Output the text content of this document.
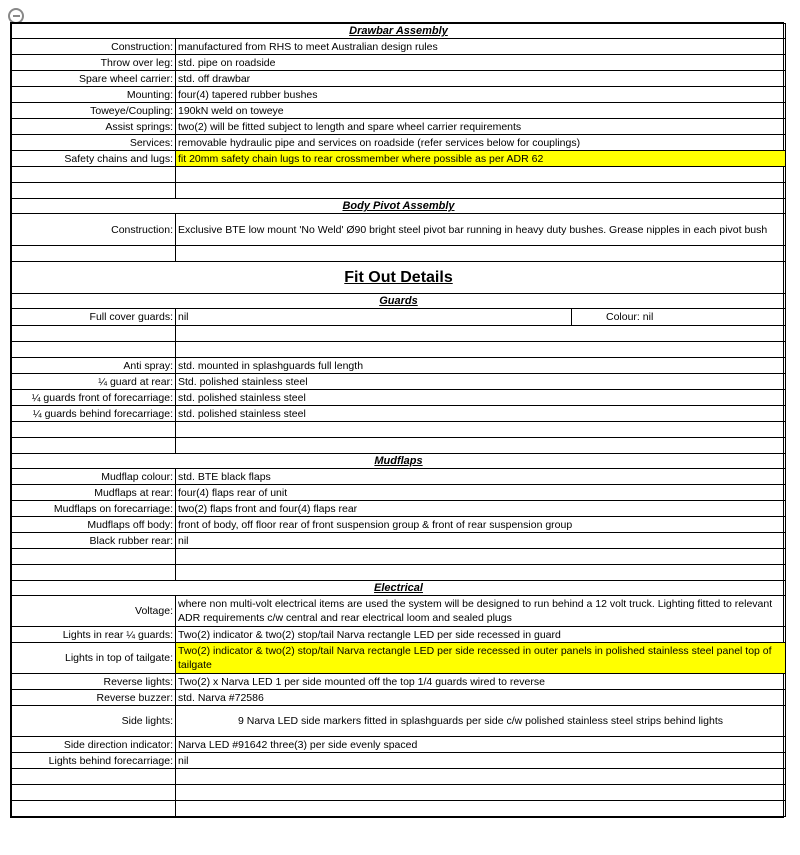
Drawbar Assembly		
Construction:	manufactured from RHS to meet Australian design rules	
Throw over leg:	std. pipe on roadside	
Spare wheel carrier:	std. off drawbar	
Mounting:	four(4) tapered rubber bushes	
Toweye/Coupling:	190kN weld on toweye	
Assist springs:	two(2) will be fitted subject to length and spare wheel carrier requirements	
Services:	removable hydraulic pipe and services on roadside (refer services below for couplings)	
Safety chains and lugs:	fit 20mm safety chain lugs to rear crossmember where possible as per ADR 62	

Body Pivot Assembly		
Construction:	Exclusive BTE low mount 'No Weld' Ø90 bright steel pivot bar running in heavy duty bushes. Grease nipples in each pivot bush	

Fit Out Details		
Guards		
Full cover guards:	nil	Colour: nil

Anti spray:	std. mounted in splashguards full length	
¼ guard at rear:	Std. polished stainless steel	
¼ guards front of forecarriage:	std. polished stainless steel	
¼ guards behind forecarriage:	std. polished stainless steel	

Mudflaps		
Mudflap colour:	std. BTE black flaps	
Mudflaps at rear:	four(4) flaps rear of unit	
Mudflaps on forecarriage:	two(2) flaps front and four(4) flaps rear	
Mudflaps off body:	front of body, off floor rear of front suspension group & front of rear suspension group	
Black rubber rear:	nil	

Electrical		
Voltage:	where non multi-volt electrical items are used the system will be designed to run behind a 12 volt truck. Lighting fitted to relevant ADR requirements c/w central and rear electrical loom and sealed plugs	
Lights in rear ¼ guards:	Two(2) indicator & two(2) stop/tail Narva rectangle LED per side recessed in guard	
Lights in top of tailgate:	Two(2) indicator & two(2) stop/tail Narva rectangle LED per side recessed in outer panels in polished stainless steel panel top of tailgate	
Reverse lights:	Two(2) x Narva LED 1 per side mounted off the top 1/4 guards wired to reverse	
Reverse buzzer:	std. Narva #72586	
Side lights:	9 Narva LED side markers fitted in splashguards per side c/w polished stainless steel strips behind lights	
Side direction indicator:	Narva LED #91642 three(3) per side evenly spaced	
Lights behind forecarriage:	nil	
